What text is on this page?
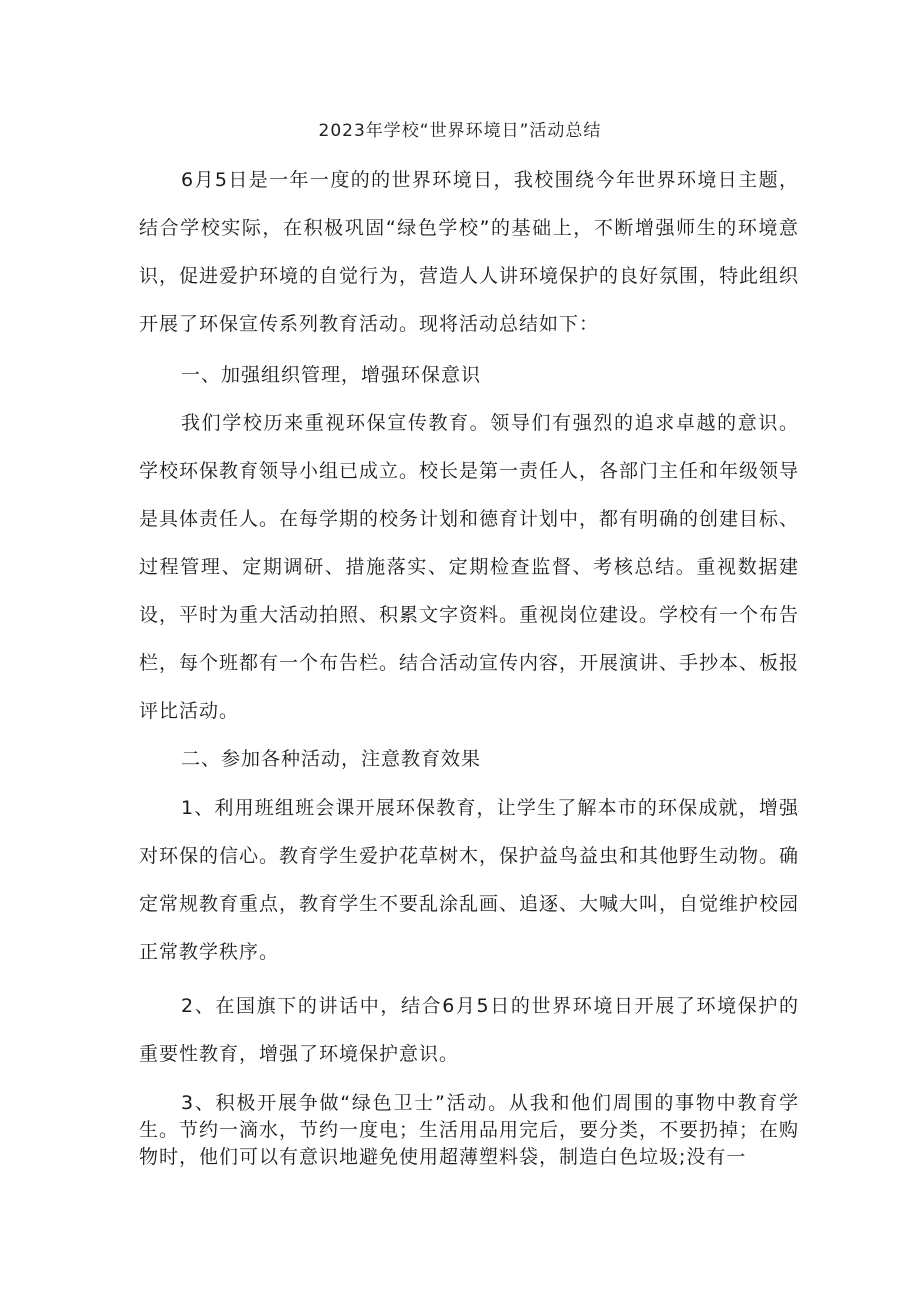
2023年学校“世界环境日”活动总结

6月5日是一年一度的的世界环境日，我校围绕今年世界环境日主题，结合学校实际，在积极巩固“绿色学校”的基础上，不断增强师生的环境意识，促进爱护环境的自觉行为，营造人人讲环境保护的良好氛围，特此组织开展了环保宣传系列教育活动。现将活动总结如下：

一、加强组织管理，增强环保意识

我们学校历来重视环保宣传教育。领导们有强烈的追求卓越的意识。学校环保教育领导小组已成立。校长是第一责任人，各部门主任和年级领导是具体责任人。在每学期的校务计划和德育计划中，都有明确的创建目标、过程管理、定期调研、措施落实、定期检查监督、考核总结。重视数据建设，平时为重大活动拍照、积累文字资料。重视岗位建设。学校有一个布告栏，每个班都有一个布告栏。结合活动宣传内容，开展演讲、手抄本、板报评比活动。

二、参加各种活动，注意教育效果

1、利用班组班会课开展环保教育，让学生了解本市的环保成就，增强对环保的信心。教育学生爱护花草树木，保护益鸟益虫和其他野生动物。确定常规教育重点，教育学生不要乱涂乱画、追逐、大喊大叫，自觉维护校园正常教学秩序。

2、在国旗下的讲话中，结合6月5日的世界环境日开展了环境保护的重要性教育，增强了环境保护意识。

3、积极开展争做“绿色卫士”活动。从我和他们周围的事物中教育学生。节约一滴水，节约一度电；生活用品用完后，要分类，不要扔掉；在购物时，他们可以有意识地避免使用超薄塑料袋，制造白色垃圾;没有一
